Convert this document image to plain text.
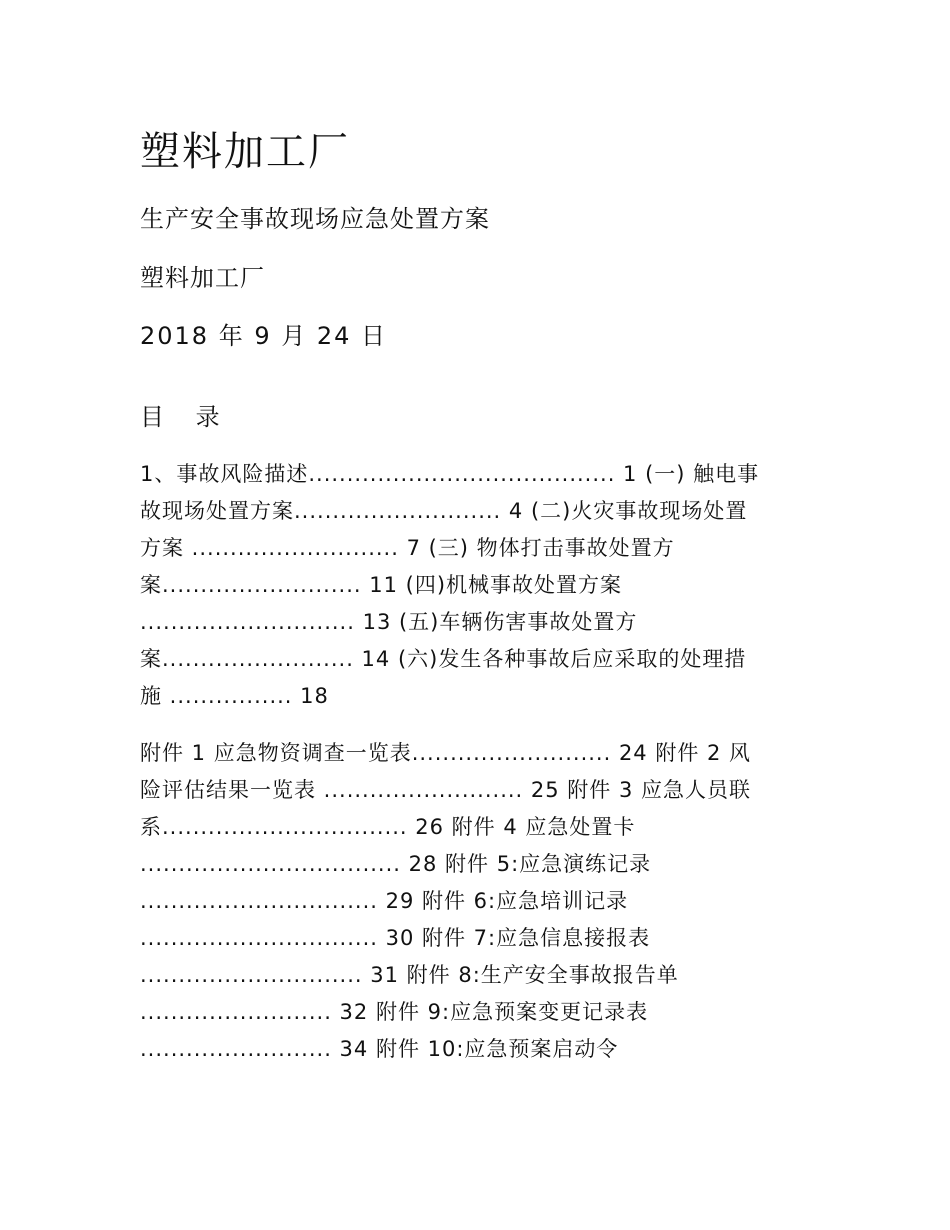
塑料加工厂

生产安全事故现场应急处置方案

塑料加工厂

2018 年 9 月 24 日

目 录
1、事故风险描述........................................ 1 (一) 触电事
故现场处置方案........................... 4 (二)火灾事故现场处置
方案 ........................... 7 (三) 物体打击事故处置方
案.......................... 11 (四)机械事故处置方案
............................ 13 (五)车辆伤害事故处置方
案......................... 14 (六)发生各种事故后应采取的处理措
施 ................ 18
附件 1 应急物资调查一览表.......................... 24 附件 2 风
险评估结果一览表 .......................... 25 附件 3 应急人员联
系................................ 26 附件 4 应急处置卡
.................................. 28 附件 5:应急演练记录
............................... 29 附件 6:应急培训记录
............................... 30 附件 7:应急信息接报表
............................. 31 附件 8:生产安全事故报告单
......................... 32 附件 9:应急预案变更记录表
......................... 34 附件 10:应急预案启动令
